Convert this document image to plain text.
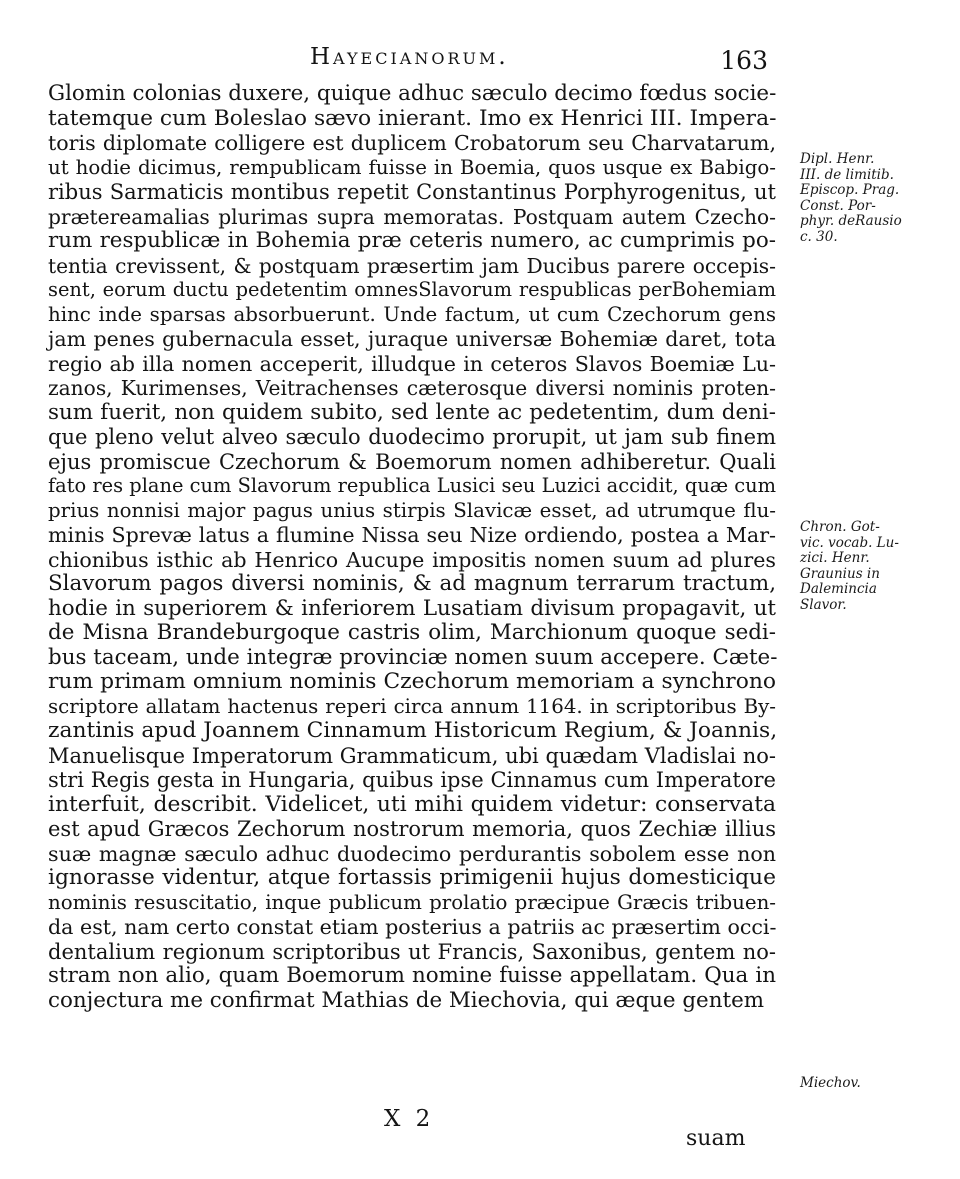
Hayecianorum.	163
Glomin colonias duxere, quique adhuc sæculo decimo fœdus socie-
tatemque cum Boleslao sævo inierant. Imo ex Henrici III. Impera-
toris diplomate colligere est duplicem Crobatorum seu Charvatarum,
ut hodie dicimus, rempublicam fuisse in Boemia, quos usque ex Babigo-
ribus Sarmaticis montibus repetit Constantinus Porphyrogenitus, ut
prætereamalias plurimas supra memoratas. Postquam autem Czecho-
rum respublicæ in Bohemia præ ceteris numero, ac cumprimis po-
tentia crevissent, & postquam præsertim jam Ducibus parere occepis-
sent, eorum ductu pedetentim omnesSlavorum respublicas perBohemiam
hinc inde sparsas absorbuerunt. Unde factum, ut cum Czechorum gens
jam penes gubernacula esset, juraque universæ Bohemiæ daret, tota
regio ab illa nomen acceperit, illudque in ceteros Slavos Boemiæ Lu-
zanos, Kurimenses, Veitrachenses cæterosque diversi nominis proten-
sum fuerit, non quidem subito, sed lente ac pedetentim, dum deni-
que pleno velut alveo sæculo duodecimo prorupit, ut jam sub finem
ejus promiscue Czechorum & Boemorum nomen adhiberetur. Quali
fato res plane cum Slavorum republica Lusici seu Luzici accidit, quæ cum
prius nonnisi major pagus unius stirpis Slavicæ esset, ad utrumque flu-
minis Sprevæ latus a flumine Nissa seu Nize ordiendo, postea a Mar-
chionibus isthic ab Henrico Aucupe impositis nomen suum ad plures
Slavorum pagos diversi nominis, & ad magnum terrarum tractum,
hodie in superiorem & inferiorem Lusatiam divisum propagavit, ut
de Misna Brandeburgoque castris olim, Marchionum quoque sedi-
bus taceam, unde integræ provinciæ nomen suum accepere. Cæte-
rum primam omnium nominis Czechorum memoriam a synchrono
scriptore allatam hactenus reperi circa annum 1164. in scriptoribus By-
zantinis apud Joannem Cinnamum Historicum Regium, & Joannis,
Manuelisque Imperatorum Grammaticum, ubi quædam Vladislai no-
stri Regis gesta in Hungaria, quibus ipse Cinnamus cum Imperatore
interfuit, describit. Videlicet, uti mihi quidem videtur: conservata
est apud Græcos Zechorum nostrorum memoria, quos Zechiæ illius
suæ magnæ sæculo adhuc duodecimo perdurantis sobolem esse non
ignorasse videntur, atque fortassis primigenii hujus domesticique
nominis resuscitatio, inque publicum prolatio præcipue Græcis tribuen-
da est, nam certo constat etiam posterius a patriis ac præsertim occi-
dentalium regionum scriptoribus ut Francis, Saxonibus, gentem no-
stram non alio, quam Boemorum nomine fuisse appellatam. Qua in
conjectura me confirmat Mathias de Miechovia, qui æque gentem
Dipl. Henr.
III. de limitib.
Episcop. Prag.
Const. Por-
phyr. deRausio
c. 30.
Chron. Got-
vic. vocab. Lu-
zici. Henr.
Graunius in
Dalemincia
Slavor.
Miechov.
X 2
suam
